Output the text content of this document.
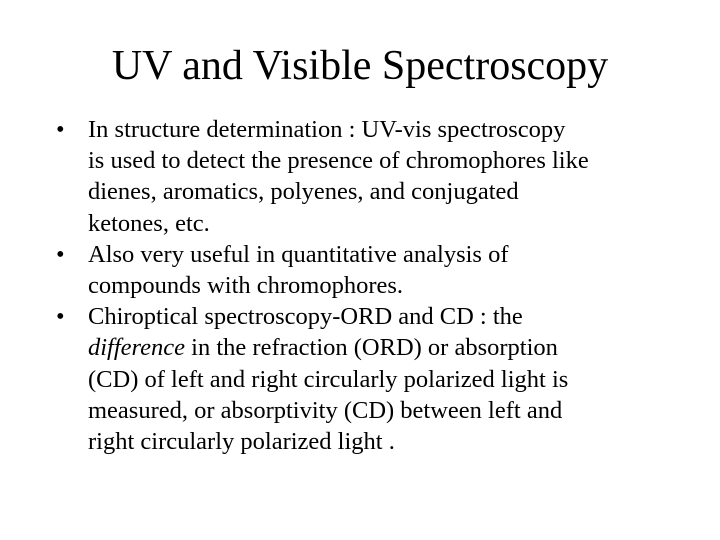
UV and Visible Spectroscopy
• In structure determination : UV-vis spectroscopy
is used to detect the presence of chromophores like
dienes, aromatics, polyenes, and conjugated
ketones, etc.
• Also very useful in quantitative analysis of
compounds with chromophores.
• Chiroptical spectroscopy-ORD and CD : the
difference in the refraction (ORD) or absorption
(CD) of left and right circularly polarized light is
measured, or absorptivity (CD) between left and
right circularly polarized light .
